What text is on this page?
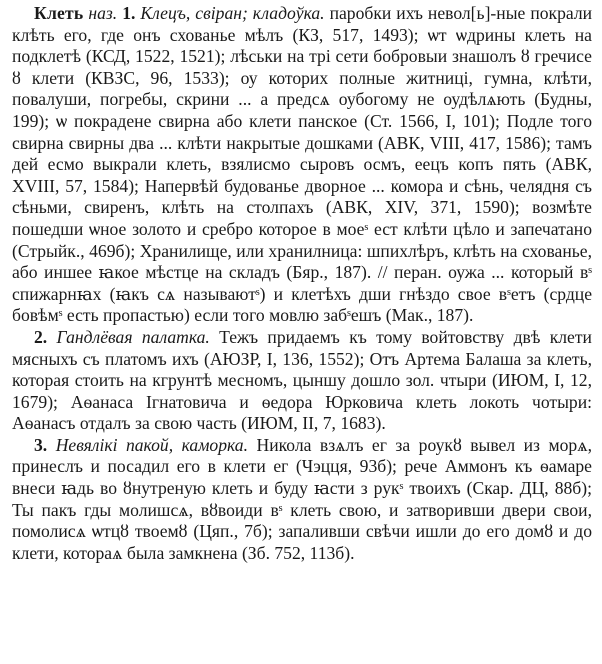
Клеть наз. 1. Клецъ, свіран; кладоўка. паробки ихъ невол[ь]-ные покрали клѣть его, где онъ схованье мѣлъ (КЗ, 517, 1493); ѡт ѡдрины клеть на подклетѣ (КСД, 1522, 1521); лѣськи на трi сети бобровыи знашолъ ȣ гречисе ȣ клети (КВЗС, 96, 1533); оу которих полные житницi, гумна, клѣти, повалуши, погребы, скрини ... а предсѧ оубогому не оудѣлѧють (Будны, 199); ѡ покрадене свирна або клети панское (Ст. 1566, I, 101); Подле того свирна свирны два ... клѣти накрытые дошками (АВК, VIII, 417, 1586); тамъ дей есмо выкрали клеть, взялисмо сыровъ осмъ, еецъ копъ пять (АВК, XVIII, 57, 1584); Напервѣй будованье дворное ... комора и сѣнь, челядня съ сѣньми, свиренъ, клѣть на столпахъ (АВК, XIV, 371, 1590); возмѣте пошедши ѡное золото и сребро которое в моеˢ ест клѣти цѣло и запечатано (Стрыйк., 469б); Хранилище, или хранилница: шпихлѣръ, клѣть на схованье, або иншее ꙗкое мѣстце на складъ (Бяр., 187). // перан. оужа ... который вˢ спижарнꙗх (ꙗкъ сѧ называютˢ) и клетѣхъ дши гнѣздо свое вˢетъ (срдце бовѣмˢ есть пропастью) если того мовлю забˢешъ (Мак., 187).

2. Гандлёвая палатка. Тежъ придаемъ къ тому войтовству двѣ клети мясныхъ съ платомъ ихъ (АЮЗР, I, 136, 1552); Отъ Артема Балаша за клеть, которая стоить на кгрунтѣ месномъ, цыншу дошло зол. чтыри (ИЮМ, I, 12, 1679); Аѳанаса Iгнатовича и ѳедора Юрковича клеть локоть чотыри: Аѳанасъ отдалъ за свою часть (ИЮМ, II, 7, 1683).

3. Невялікі пакой, каморка. Никола взѧлъ ег за роукȣ вывел из морѧ, принеслъ и посадил его в клети ег (Чэцця, 93б); рече Аммонъ къ ѳамаре внеси ꙗдь во ȣнутреную клеть и буду ꙗсти з рукˢ твоихъ (Скар. ДЦ, 88б); Ты пакъ гды молишсѧ, вȣвоиди вˢ клеть свою, и затворивши двери свои, помолисѧ ѡтцȣ твоемȣ (Цяп., 7б); запаливши свѣчи ишли до его домȣ и до клети, котораѧ была замкнена (Зб. 752, 113б).
